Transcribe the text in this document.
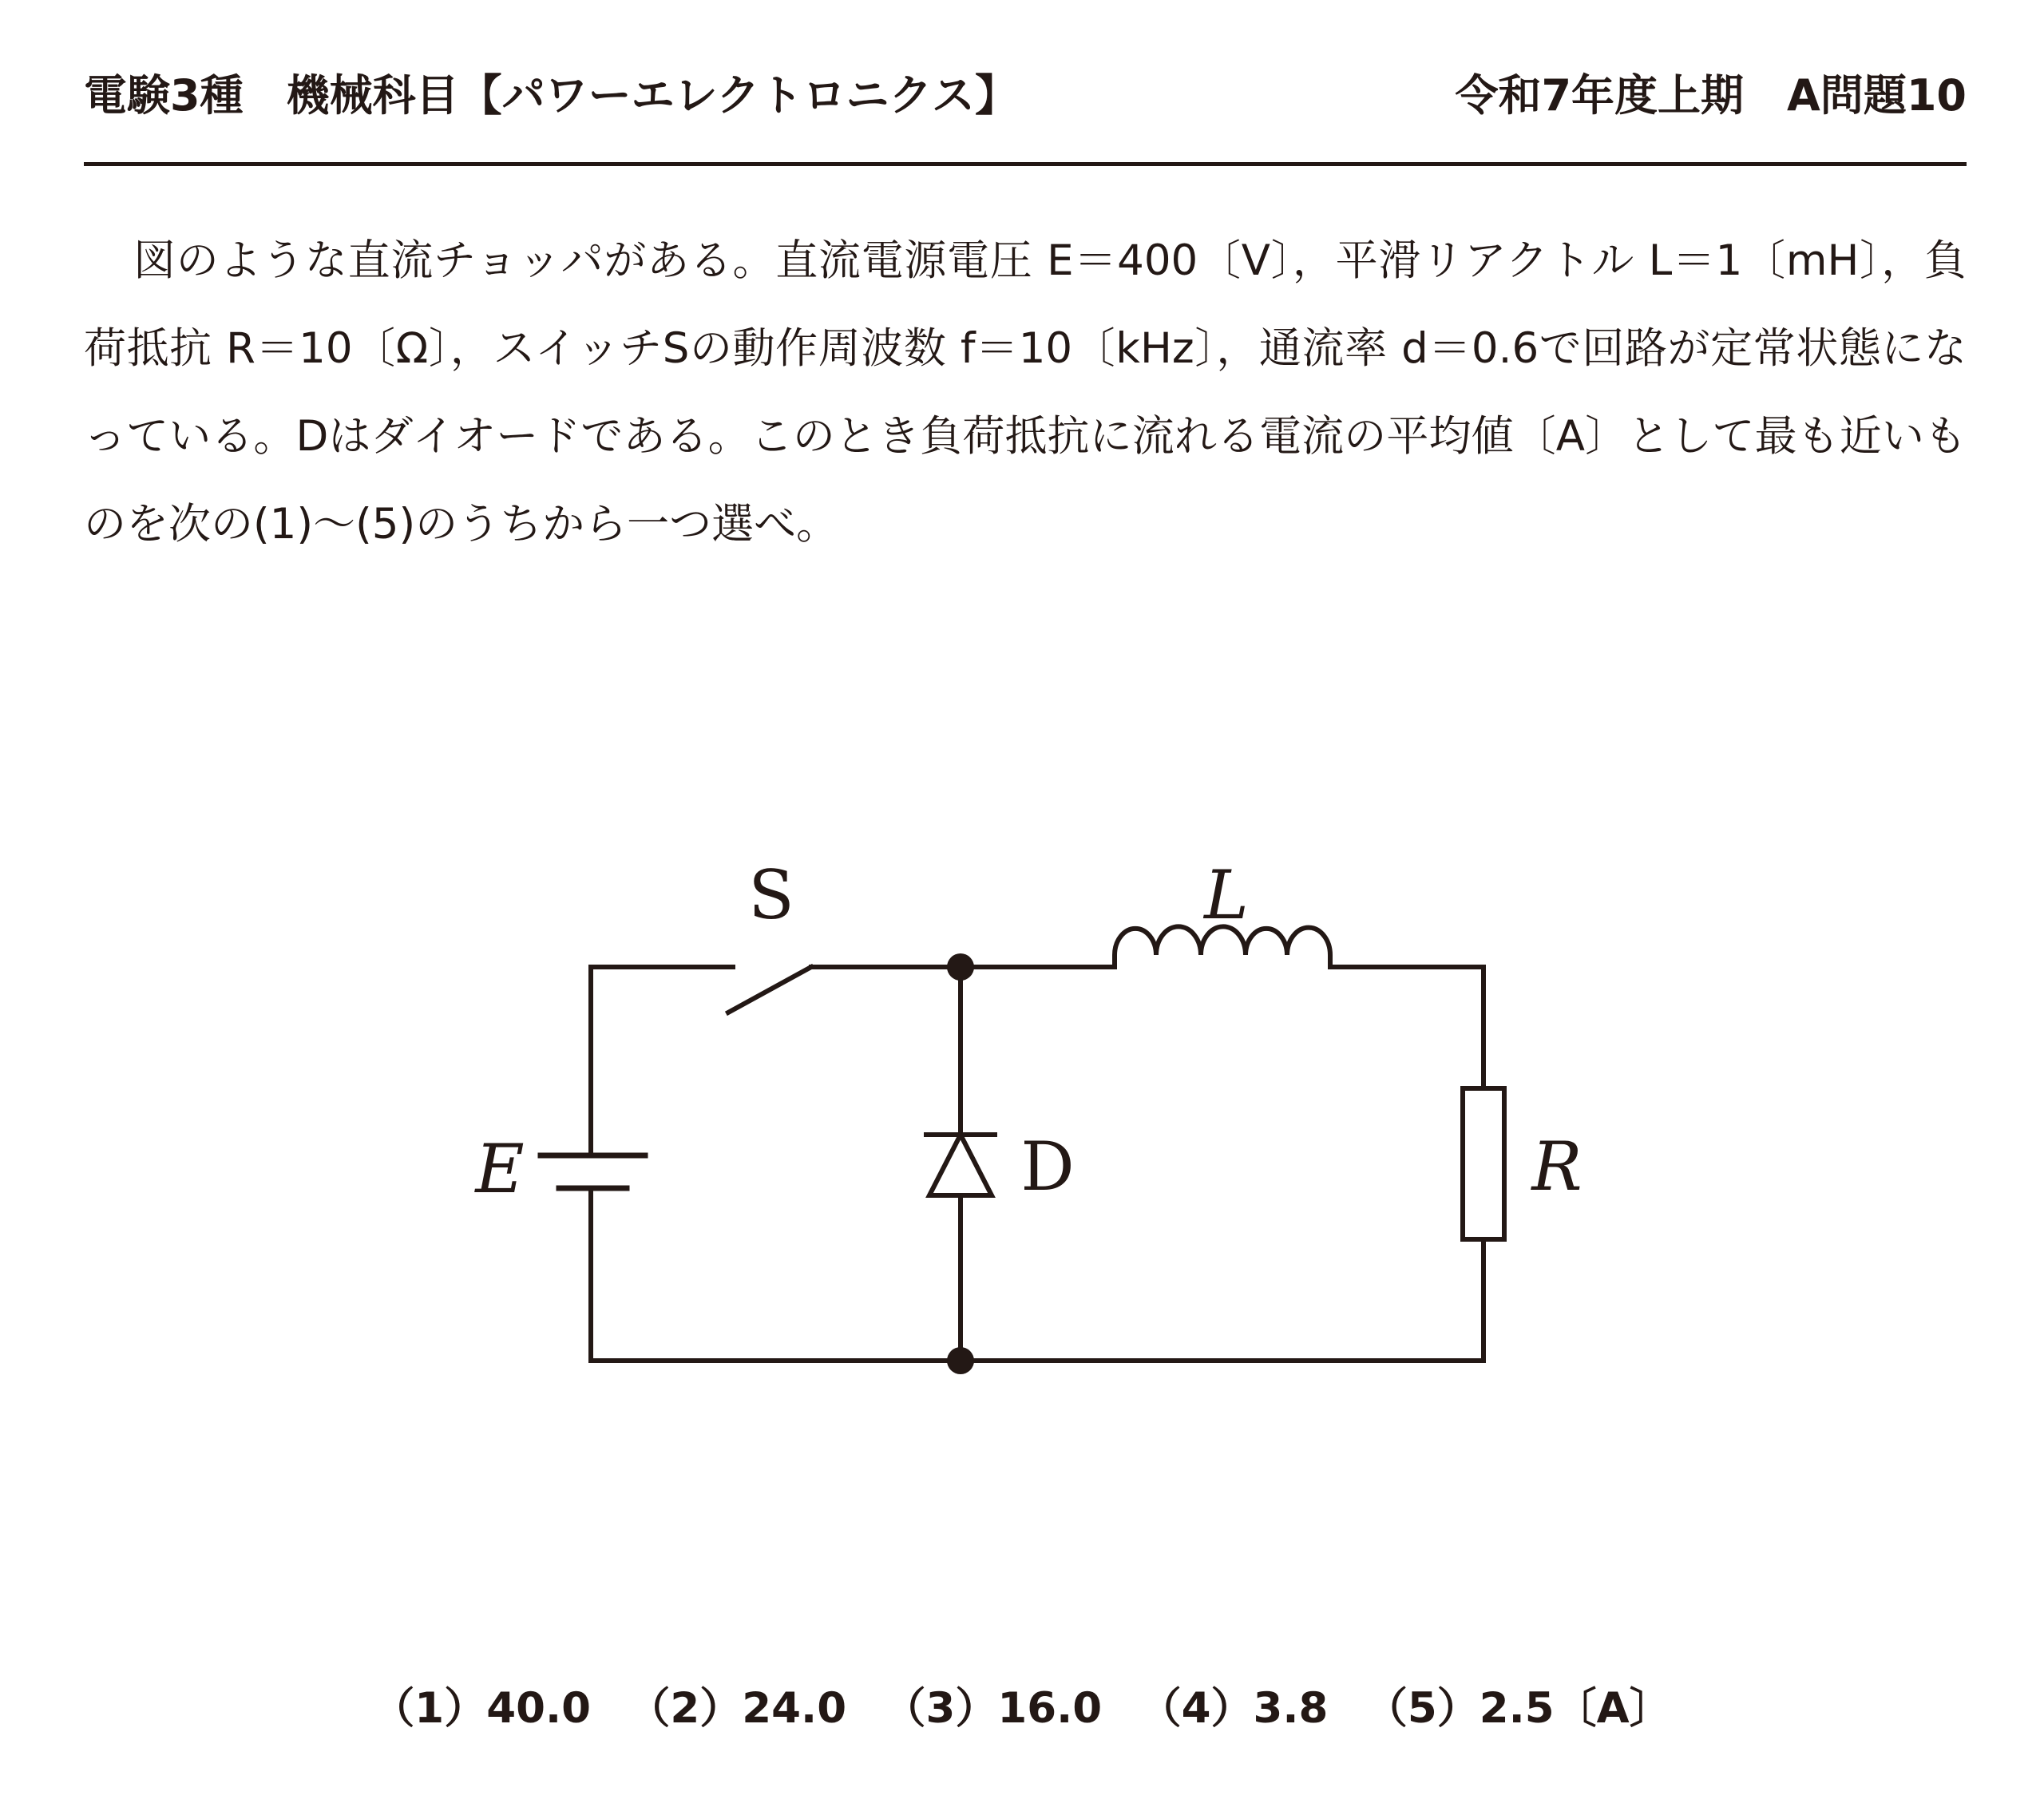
電験3種　機械科目【パワーエレクトロニクス】	令和7年度上期　A問題10
図のような直流チョッパがある。直流電源電圧 E＝400〔V〕，平滑リアクトル L＝1〔mH〕，負荷抵抗 R＝10〔Ω〕，スイッチSの動作周波数 f＝10〔kHz〕，通流率 d＝0.6で回路が定常状態になっている。Dはダイオードである。このとき負荷抵抗に流れる電流の平均値〔A〕として最も近いものを次の(1)～(5)のうちから一つ選べ。
S	L
E	D	R
（1）40.0 （2）24.0 （3）16.0 （4）3.8 （5）2.5〔A〕
